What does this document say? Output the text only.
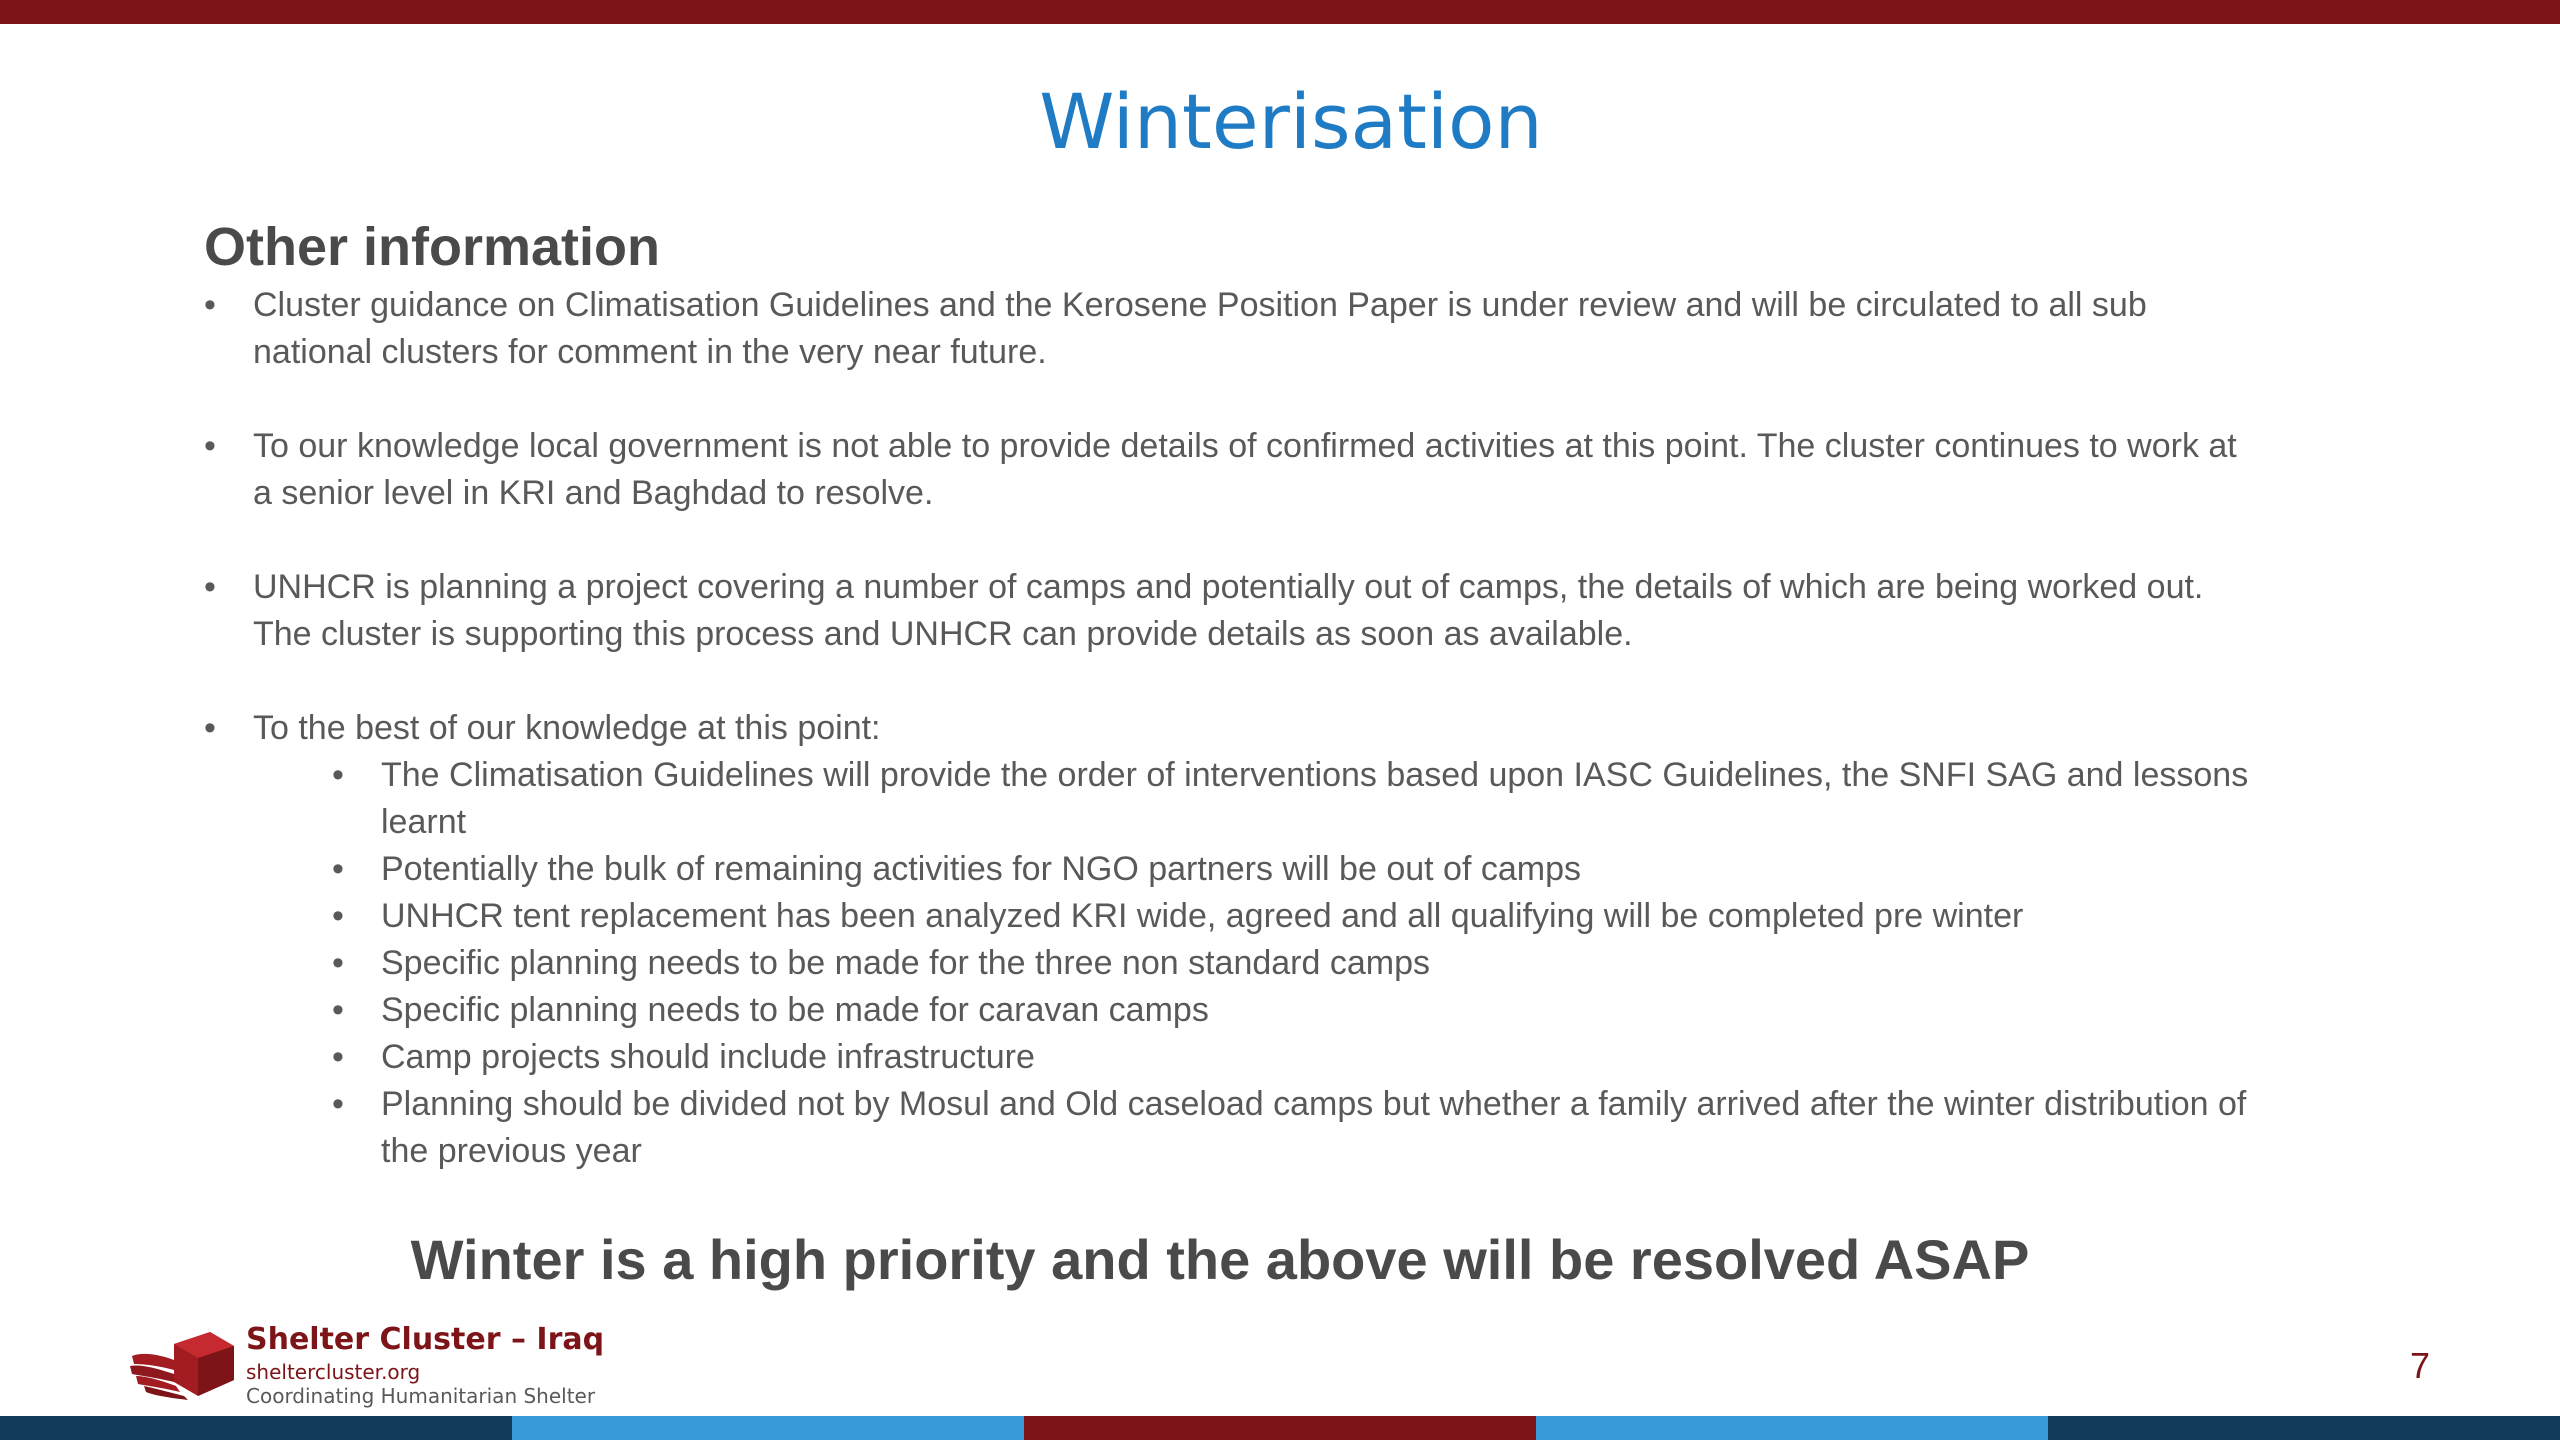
Winterisation
Other information
• Cluster guidance on Climatisation Guidelines and the Kerosene Position Paper is under review and will be circulated to all sub national clusters for comment in the very near future.
• To our knowledge local government is not able to provide details of confirmed activities at this point. The cluster continues to work at a senior level in KRI and Baghdad to resolve.
• UNHCR is planning a project covering a number of camps and potentially out of camps, the details of which are being worked out. The cluster is supporting this process and UNHCR can provide details as soon as available.
• To the best of our knowledge at this point:
• The Climatisation Guidelines will provide the order of interventions based upon IASC Guidelines, the SNFI SAG and lessons learnt
• Potentially the bulk of remaining activities for NGO partners will be out of camps
• UNHCR tent replacement has been analyzed KRI wide, agreed and all qualifying will be completed pre winter
• Specific planning needs to be made for the three non standard camps
• Specific planning needs to be made for caravan camps
• Camp projects should include infrastructure
• Planning should be divided not by Mosul and Old caseload camps but whether a family arrived after the winter distribution of the previous year
Winter is a high priority and the above will be resolved ASAP
Shelter Cluster – Iraq
sheltercluster.org
Coordinating Humanitarian Shelter
7
